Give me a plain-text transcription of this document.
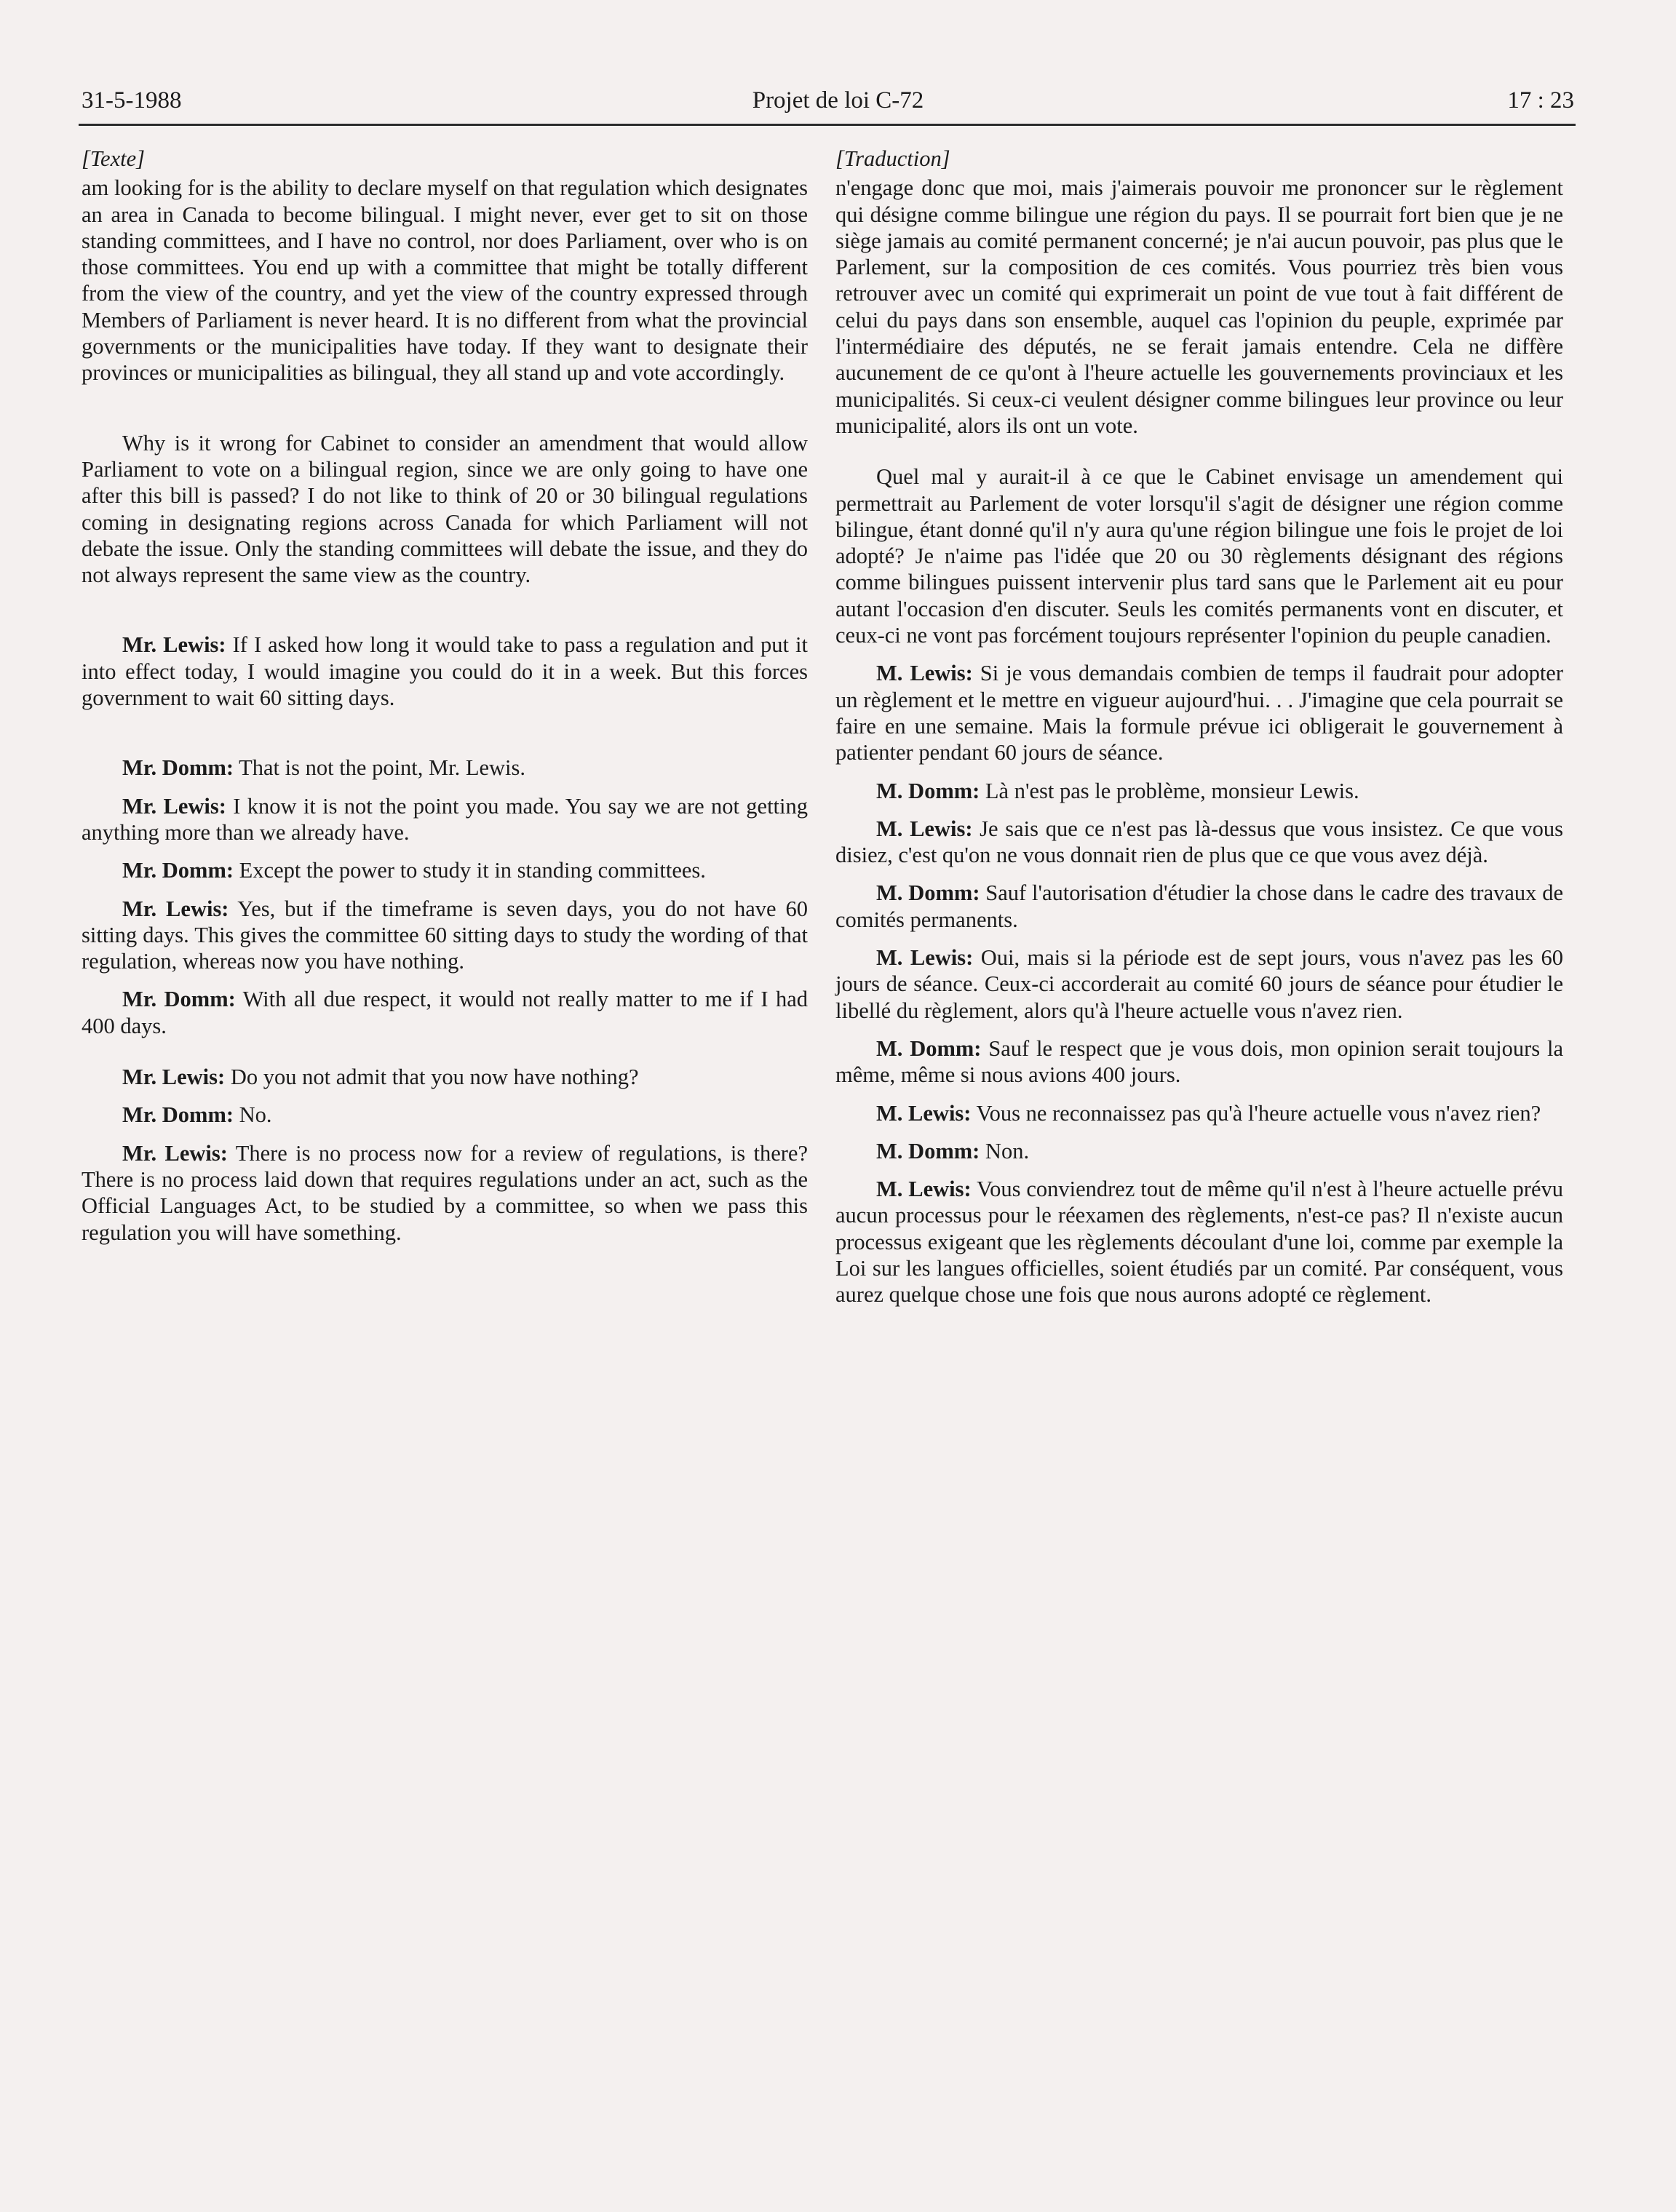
31-5-1988	Projet de loi C-72	17 : 23
[Texte]

am looking for is the ability to declare myself on that regulation which designates an area in Canada to become bilingual. I might never, ever get to sit on those standing committees, and I have no control, nor does Parliament, over who is on those committees. You end up with a committee that might be totally different from the view of the country, and yet the view of the country expressed through Members of Parliament is never heard. It is no different from what the provincial governments or the municipalities have today. If they want to designate their provinces or municipalities as bilingual, they all stand up and vote accordingly.

Why is it wrong for Cabinet to consider an amendment that would allow Parliament to vote on a bilingual region, since we are only going to have one after this bill is passed? I do not like to think of 20 or 30 bilingual regulations coming in designating regions across Canada for which Parliament will not debate the issue. Only the standing committees will debate the issue, and they do not always represent the same view as the country.

Mr. Lewis: If I asked how long it would take to pass a regulation and put it into effect today, I would imagine you could do it in a week. But this forces government to wait 60 sitting days.

Mr. Domm: That is not the point, Mr. Lewis.

Mr. Lewis: I know it is not the point you made. You say we are not getting anything more than we already have.

Mr. Domm: Except the power to study it in standing committees.

Mr. Lewis: Yes, but if the timeframe is seven days, you do not have 60 sitting days. This gives the committee 60 sitting days to study the wording of that regulation, whereas now you have nothing.

Mr. Domm: With all due respect, it would not really matter to me if I had 400 days.

Mr. Lewis: Do you not admit that you now have nothing?

Mr. Domm: No.

Mr. Lewis: There is no process now for a review of regulations, is there? There is no process laid down that requires regulations under an act, such as the Official Languages Act, to be studied by a committee, so when we pass this regulation you will have something.

[Traduction]

n'engage donc que moi, mais j'aimerais pouvoir me prononcer sur le règlement qui désigne comme bilingue une région du pays. Il se pourrait fort bien que je ne siège jamais au comité permanent concerné; je n'ai aucun pouvoir, pas plus que le Parlement, sur la composition de ces comités. Vous pourriez très bien vous retrouver avec un comité qui exprimerait un point de vue tout à fait différent de celui du pays dans son ensemble, auquel cas l'opinion du peuple, exprimée par l'intermédiaire des députés, ne se ferait jamais entendre. Cela ne diffère aucunement de ce qu'ont à l'heure actuelle les gouvernements provinciaux et les municipalités. Si ceux-ci veulent désigner comme bilingues leur province ou leur municipalité, alors ils ont un vote.

Quel mal y aurait-il à ce que le Cabinet envisage un amendement qui permettrait au Parlement de voter lorsqu'il s'agit de désigner une région comme bilingue, étant donné qu'il n'y aura qu'une région bilingue une fois le projet de loi adopté? Je n'aime pas l'idée que 20 ou 30 règlements désignant des régions comme bilingues puissent intervenir plus tard sans que le Parlement ait eu pour autant l'occasion d'en discuter. Seuls les comités permanents vont en discuter, et ceux-ci ne vont pas forcément toujours représenter l'opinion du peuple canadien.

M. Lewis: Si je vous demandais combien de temps il faudrait pour adopter un règlement et le mettre en vigueur aujourd'hui. . . J'imagine que cela pourrait se faire en une semaine. Mais la formule prévue ici obligerait le gouvernement à patienter pendant 60 jours de séance.

M. Domm: Là n'est pas le problème, monsieur Lewis.

M. Lewis: Je sais que ce n'est pas là-dessus que vous insistez. Ce que vous disiez, c'est qu'on ne vous donnait rien de plus que ce que vous avez déjà.

M. Domm: Sauf l'autorisation d'étudier la chose dans le cadre des travaux de comités permanents.

M. Lewis: Oui, mais si la période est de sept jours, vous n'avez pas les 60 jours de séance. Ceux-ci accorderait au comité 60 jours de séance pour étudier le libellé du règlement, alors qu'à l'heure actuelle vous n'avez rien.

M. Domm: Sauf le respect que je vous dois, mon opinion serait toujours la même, même si nous avions 400 jours.

M. Lewis: Vous ne reconnaissez pas qu'à l'heure actuelle vous n'avez rien?

M. Domm: Non.

M. Lewis: Vous conviendrez tout de même qu'il n'est à l'heure actuelle prévu aucun processus pour le réexamen des règlements, n'est-ce pas? Il n'existe aucun processus exigeant que les règlements découlant d'une loi, comme par exemple la Loi sur les langues officielles, soient étudiés par un comité. Par conséquent, vous aurez quelque chose une fois que nous aurons adopté ce règlement.
